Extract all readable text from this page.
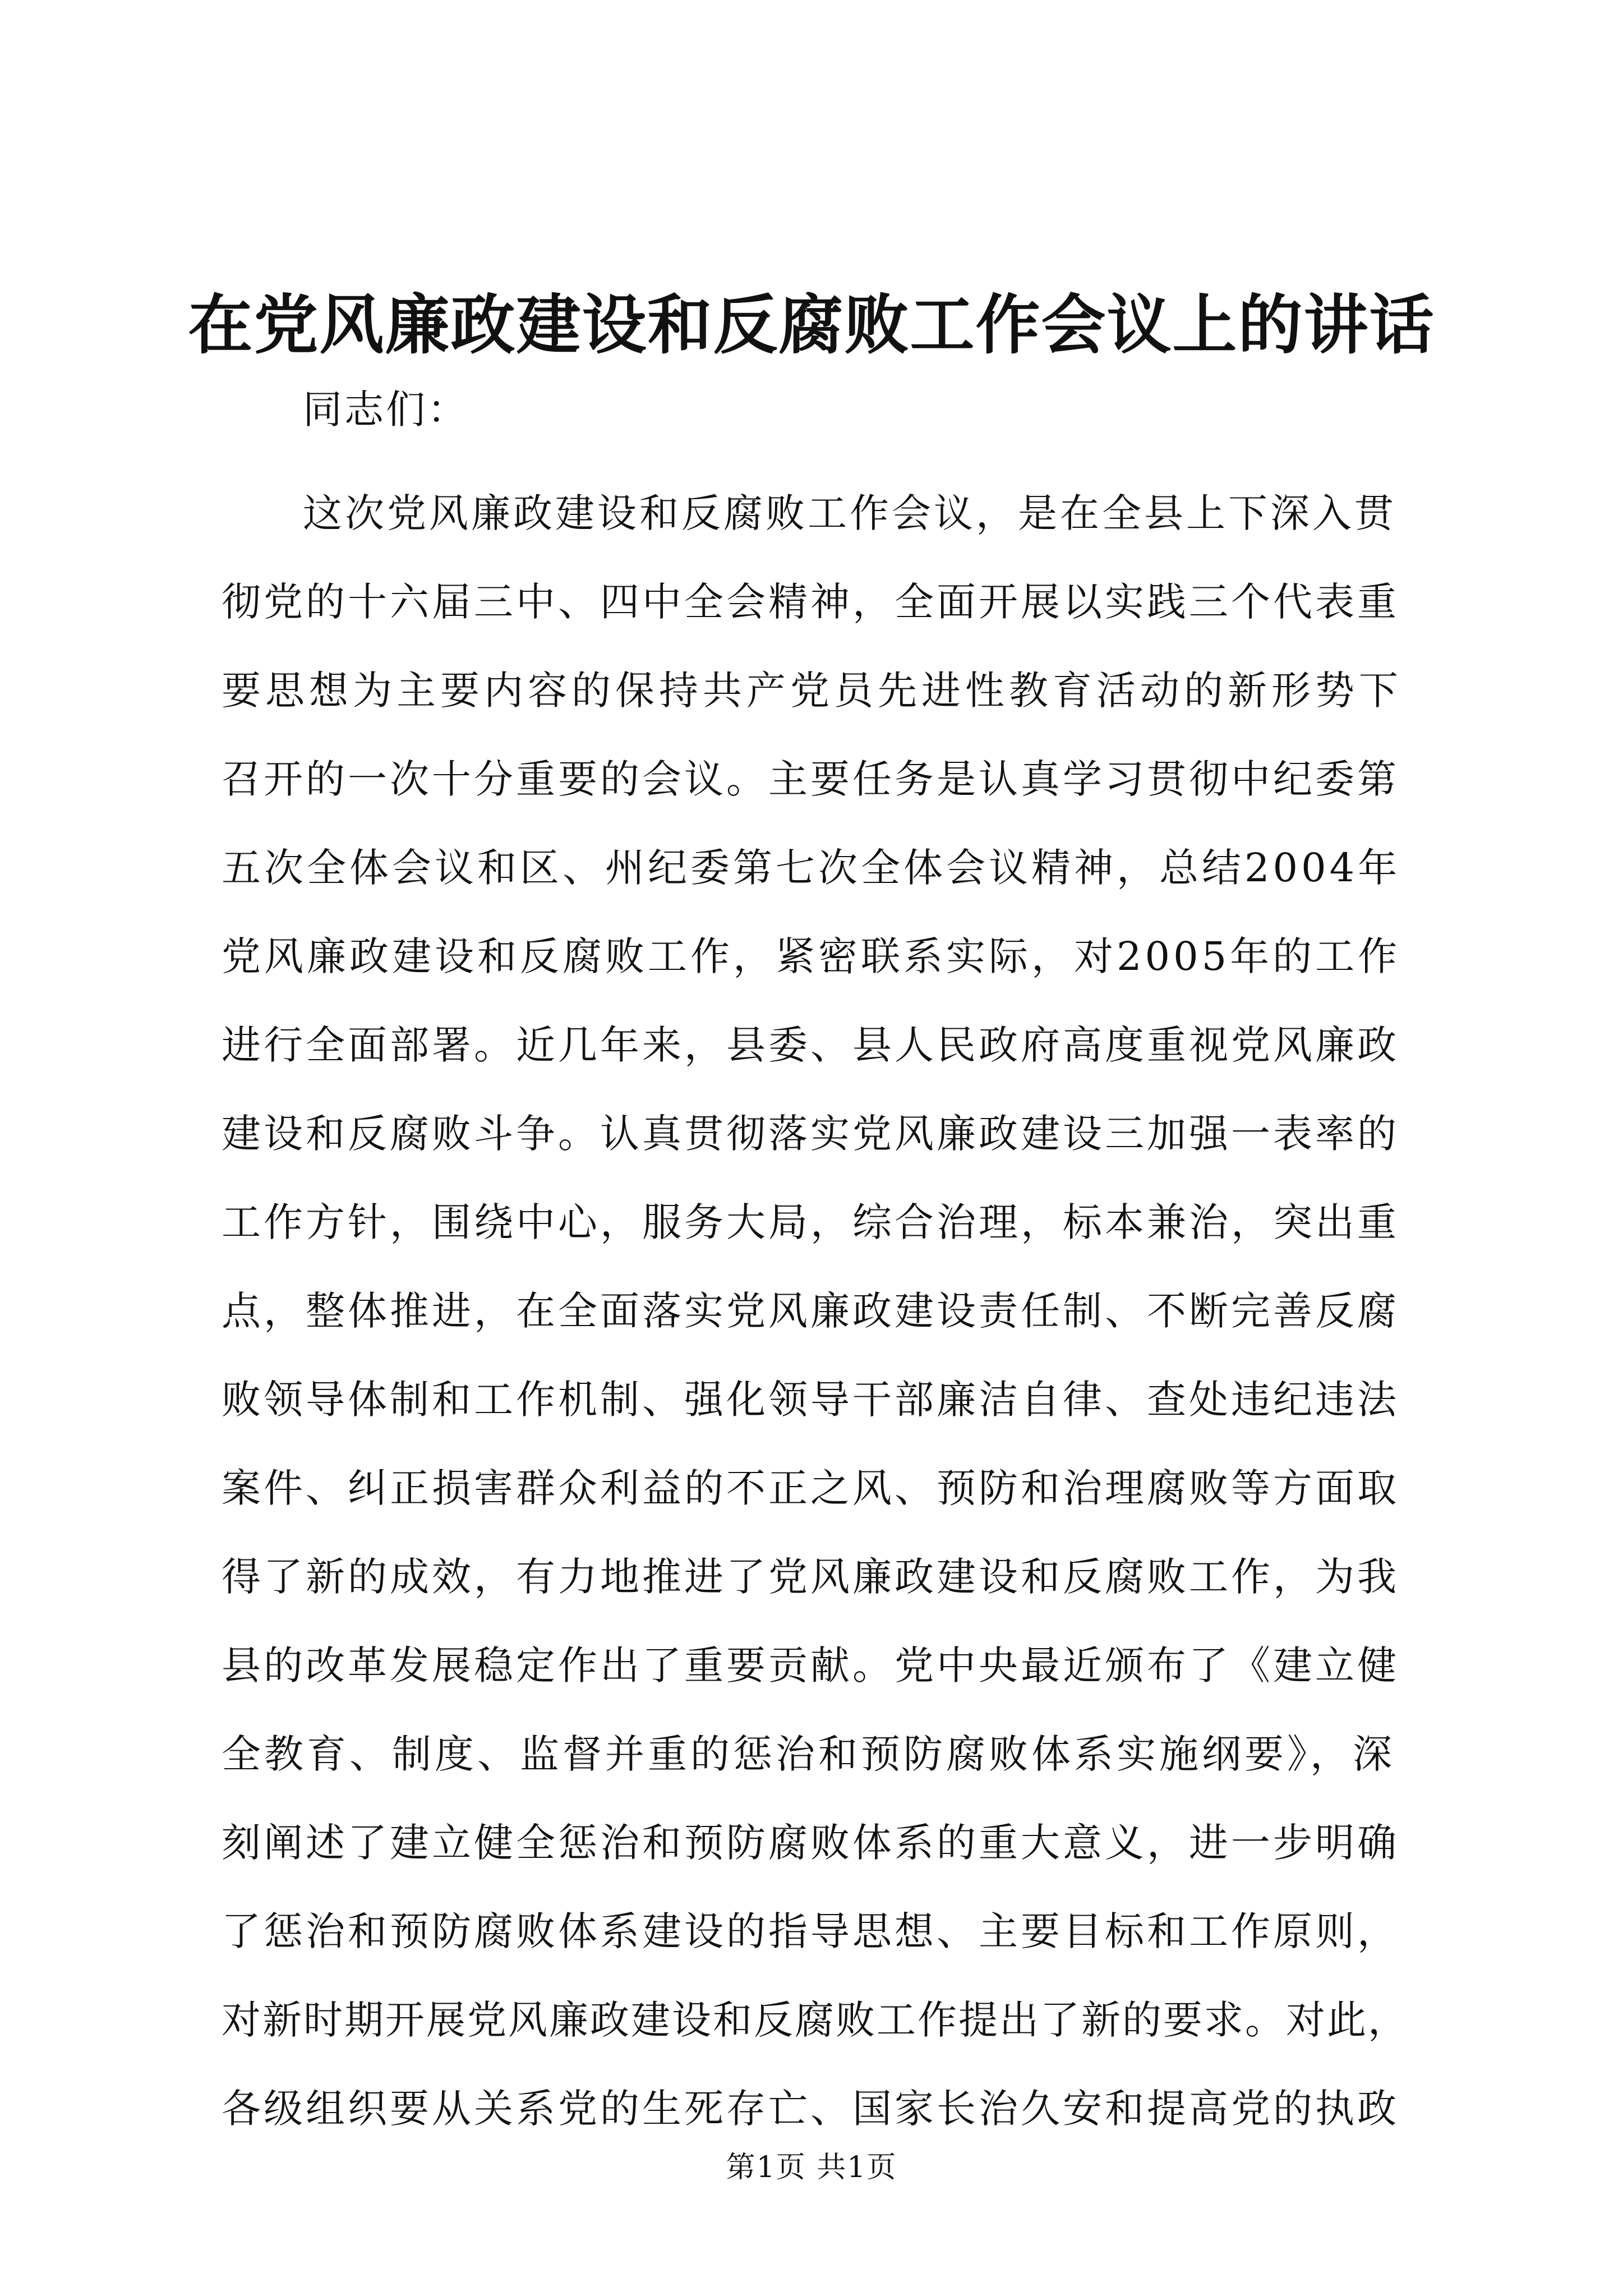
在党风廉政建设和反腐败工作会议上的讲话
同志们：
这次党风廉政建设和反腐败工作会议，是在全县上下深入贯
彻党的十六届三中、四中全会精神，全面开展以实践三个代表重
要思想为主要内容的保持共产党员先进性教育活动的新形势下
召开的一次十分重要的会议。主要任务是认真学习贯彻中纪委第
五次全体会议和区、州纪委第七次全体会议精神，总结2004年
党风廉政建设和反腐败工作，紧密联系实际，对2005年的工作
进行全面部署。近几年来，县委、县人民政府高度重视党风廉政
建设和反腐败斗争。认真贯彻落实党风廉政建设三加强一表率的
工作方针，围绕中心，服务大局，综合治理，标本兼治，突出重
点，整体推进，在全面落实党风廉政建设责任制、不断完善反腐
败领导体制和工作机制、强化领导干部廉洁自律、查处违纪违法
案件、纠正损害群众利益的不正之风、预防和治理腐败等方面取
得了新的成效，有力地推进了党风廉政建设和反腐败工作，为我
县的改革发展稳定作出了重要贡献。党中央最近颁布了《建立健
全教育、制度、监督并重的惩治和预防腐败体系实施纲要》，深
刻阐述了建立健全惩治和预防腐败体系的重大意义，进一步明确
了惩治和预防腐败体系建设的指导思想、主要目标和工作原则，
对新时期开展党风廉政建设和反腐败工作提出了新的要求。对此，
各级组织要从关系党的生死存亡、国家长治久安和提高党的执政
第1页 共1页
